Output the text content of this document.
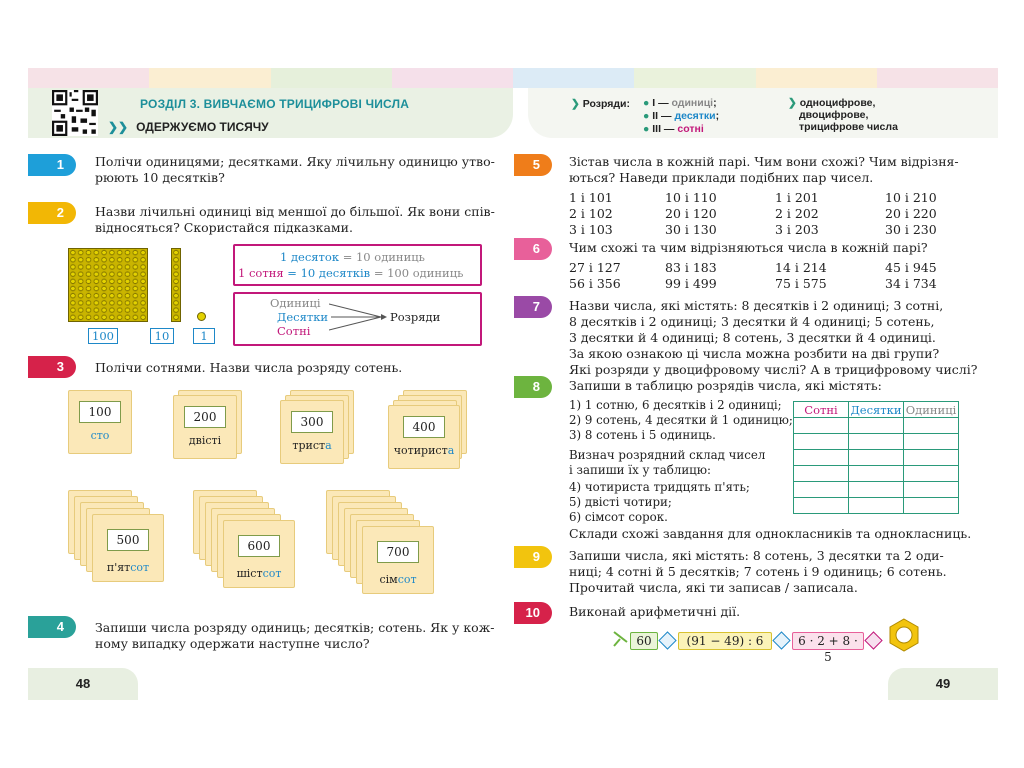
РОЗДІЛ 3. ВИВЧАЄМО ТРИЦИФРОВІ ЧИСЛА
❯❯ ОДЕРЖУЄМО ТИСЯЧУ
❯ Розряди: ● I — одиниці;
● II — десятки;
● III — сотні
❯ одноцифрове,
двоцифрове,
трицифрове числа
1	Полічи одиницями; десятками. Яку лічильну одиницю утво-
рюють 10 десятків?
2	Назви лічильні одиниці від меншої до більшої. Як вони спів-
відносяться? Скористайся підказками.
100	10	1
1 десяток = 10 одиниць
1 сотня = 10 десятків = 100 одиниць
Одиниці
Десятки
Сотні
Розряди
3	Полічи сотнями. Назви числа розряду сотень.
100
сто
200
двісті
300
триста
400
чотириста
500
п'ятсот
600
шістсот
700
сімсот
4	Запиши числа розряду одиниць; десятків; сотень. Як у кож-
ному випадку одержати наступне число?
48
5	Зістав числа в кожній парі. Чим вони схожі? Чим відрізня-
ються? Наведи приклади подібних пар чисел.
1 і 101	10 і 110	1 і 201	10 і 210
2 і 102	20 і 120	2 і 202	20 і 220
3 і 103	30 і 130	3 і 203	30 і 230
6	Чим схожі та чим відрізняються числа в кожній парі?
27 і 127	83 і 183	14 і 214	45 і 945
56 і 356	99 і 499	75 і 575	34 і 734
7	Назви числа, які містять: 8 десятків і 2 одиниці; 3 сотні,
8 десятків і 2 одиниці; 3 десятки й 4 одиниці; 5 сотень,
3 десятки й 4 одиниці; 8 сотень, 3 десятки й 4 одиниці.
За якою ознакою ці числа можна розбити на дві групи?
Які розряди у двоцифровому числі? А в трицифровому числі?
8	Запиши в таблицю розрядів числа, які містять:
1) 1 сотню, 6 десятків і 2 одиниці;
2) 9 сотень, 4 десятки й 1 одиницю;
3) 8 сотень і 5 одиниць.
Визнач розрядний склад чисел
і запиши їх у таблицю:
4) чотириста тридцять п'ять;
5) двісті чотири;
6) сімсот сорок.
Сотні	Десятки	Одиниці

Склади схожі завдання для однокласників та однокласниць.
9	Запиши числа, які містять: 8 сотень, 3 десятки та 2 оди-
ниці; 4 сотні й 5 десятків; 7 сотень і 9 одиниць; 6 сотень.
Прочитай числа, які ти записав / записала.
10	Виконай арифметичні дії.
60	(91 − 49) : 6	6 · 2 + 8 · 5
49
